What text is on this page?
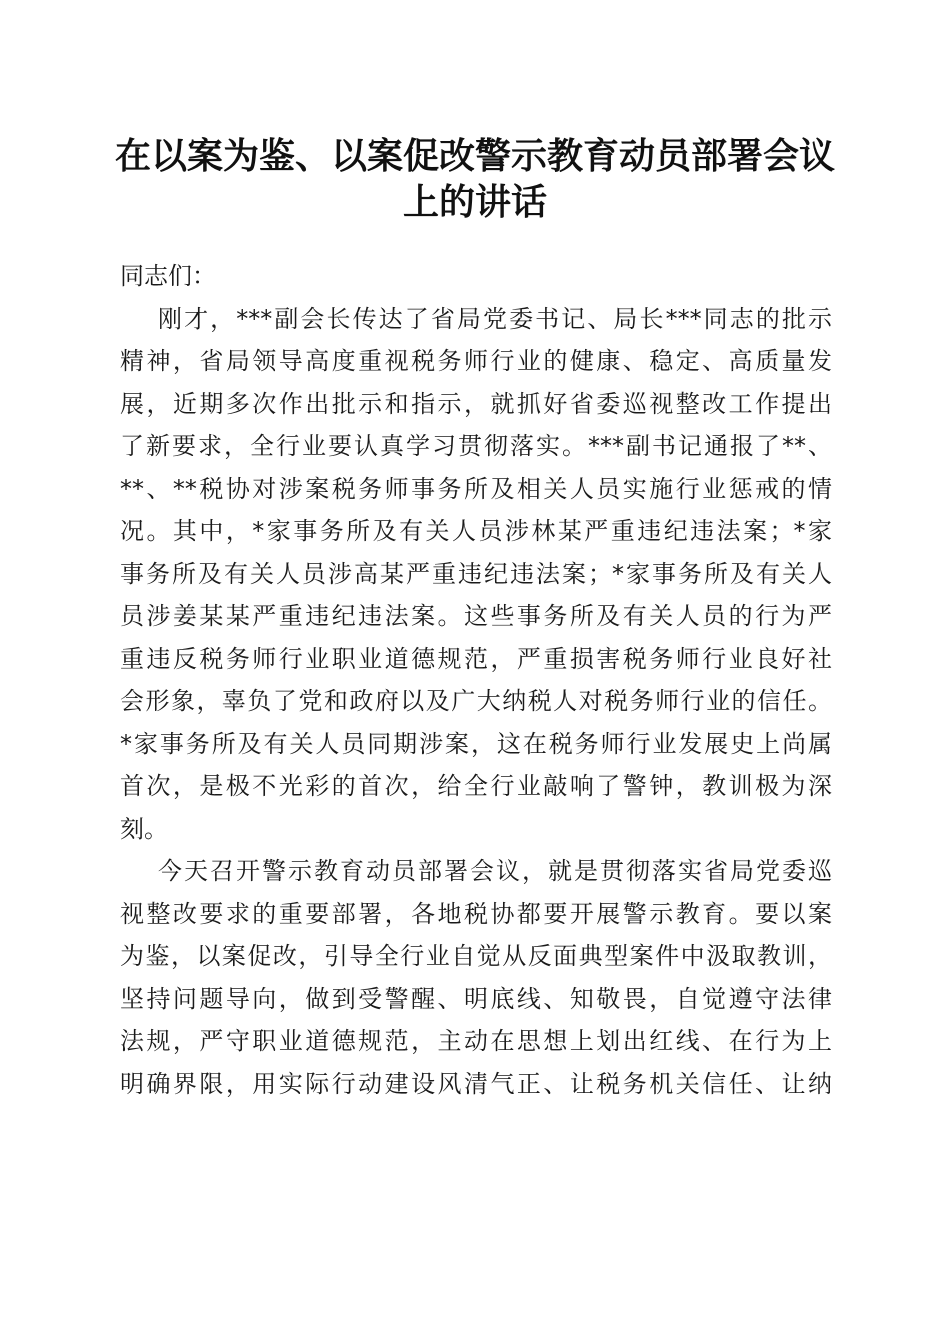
在以案为鉴、以案促改警示教育动员部署会议
上的讲话
同志们：
刚才，***副会长传达了省局党委书记、局长***同志的批示
精神，省局领导高度重视税务师行业的健康、稳定、高质量发
展，近期多次作出批示和指示，就抓好省委巡视整改工作提出
了新要求，全行业要认真学习贯彻落实。***副书记通报了**、
**、**税协对涉案税务师事务所及相关人员实施行业惩戒的情
况。其中，*家事务所及有关人员涉林某严重违纪违法案；*家
事务所及有关人员涉高某严重违纪违法案；*家事务所及有关人
员涉姜某某严重违纪违法案。这些事务所及有关人员的行为严
重违反税务师行业职业道德规范，严重损害税务师行业良好社
会形象，辜负了党和政府以及广大纳税人对税务师行业的信任。
*家事务所及有关人员同期涉案，这在税务师行业发展史上尚属
首次，是极不光彩的首次，给全行业敲响了警钟，教训极为深
刻。
今天召开警示教育动员部署会议，就是贯彻落实省局党委巡
视整改要求的重要部署，各地税协都要开展警示教育。要以案
为鉴，以案促改，引导全行业自觉从反面典型案件中汲取教训，
坚持问题导向，做到受警醒、明底线、知敬畏，自觉遵守法律
法规，严守职业道德规范，主动在思想上划出红线、在行为上
明确界限，用实际行动建设风清气正、让税务机关信任、让纳
